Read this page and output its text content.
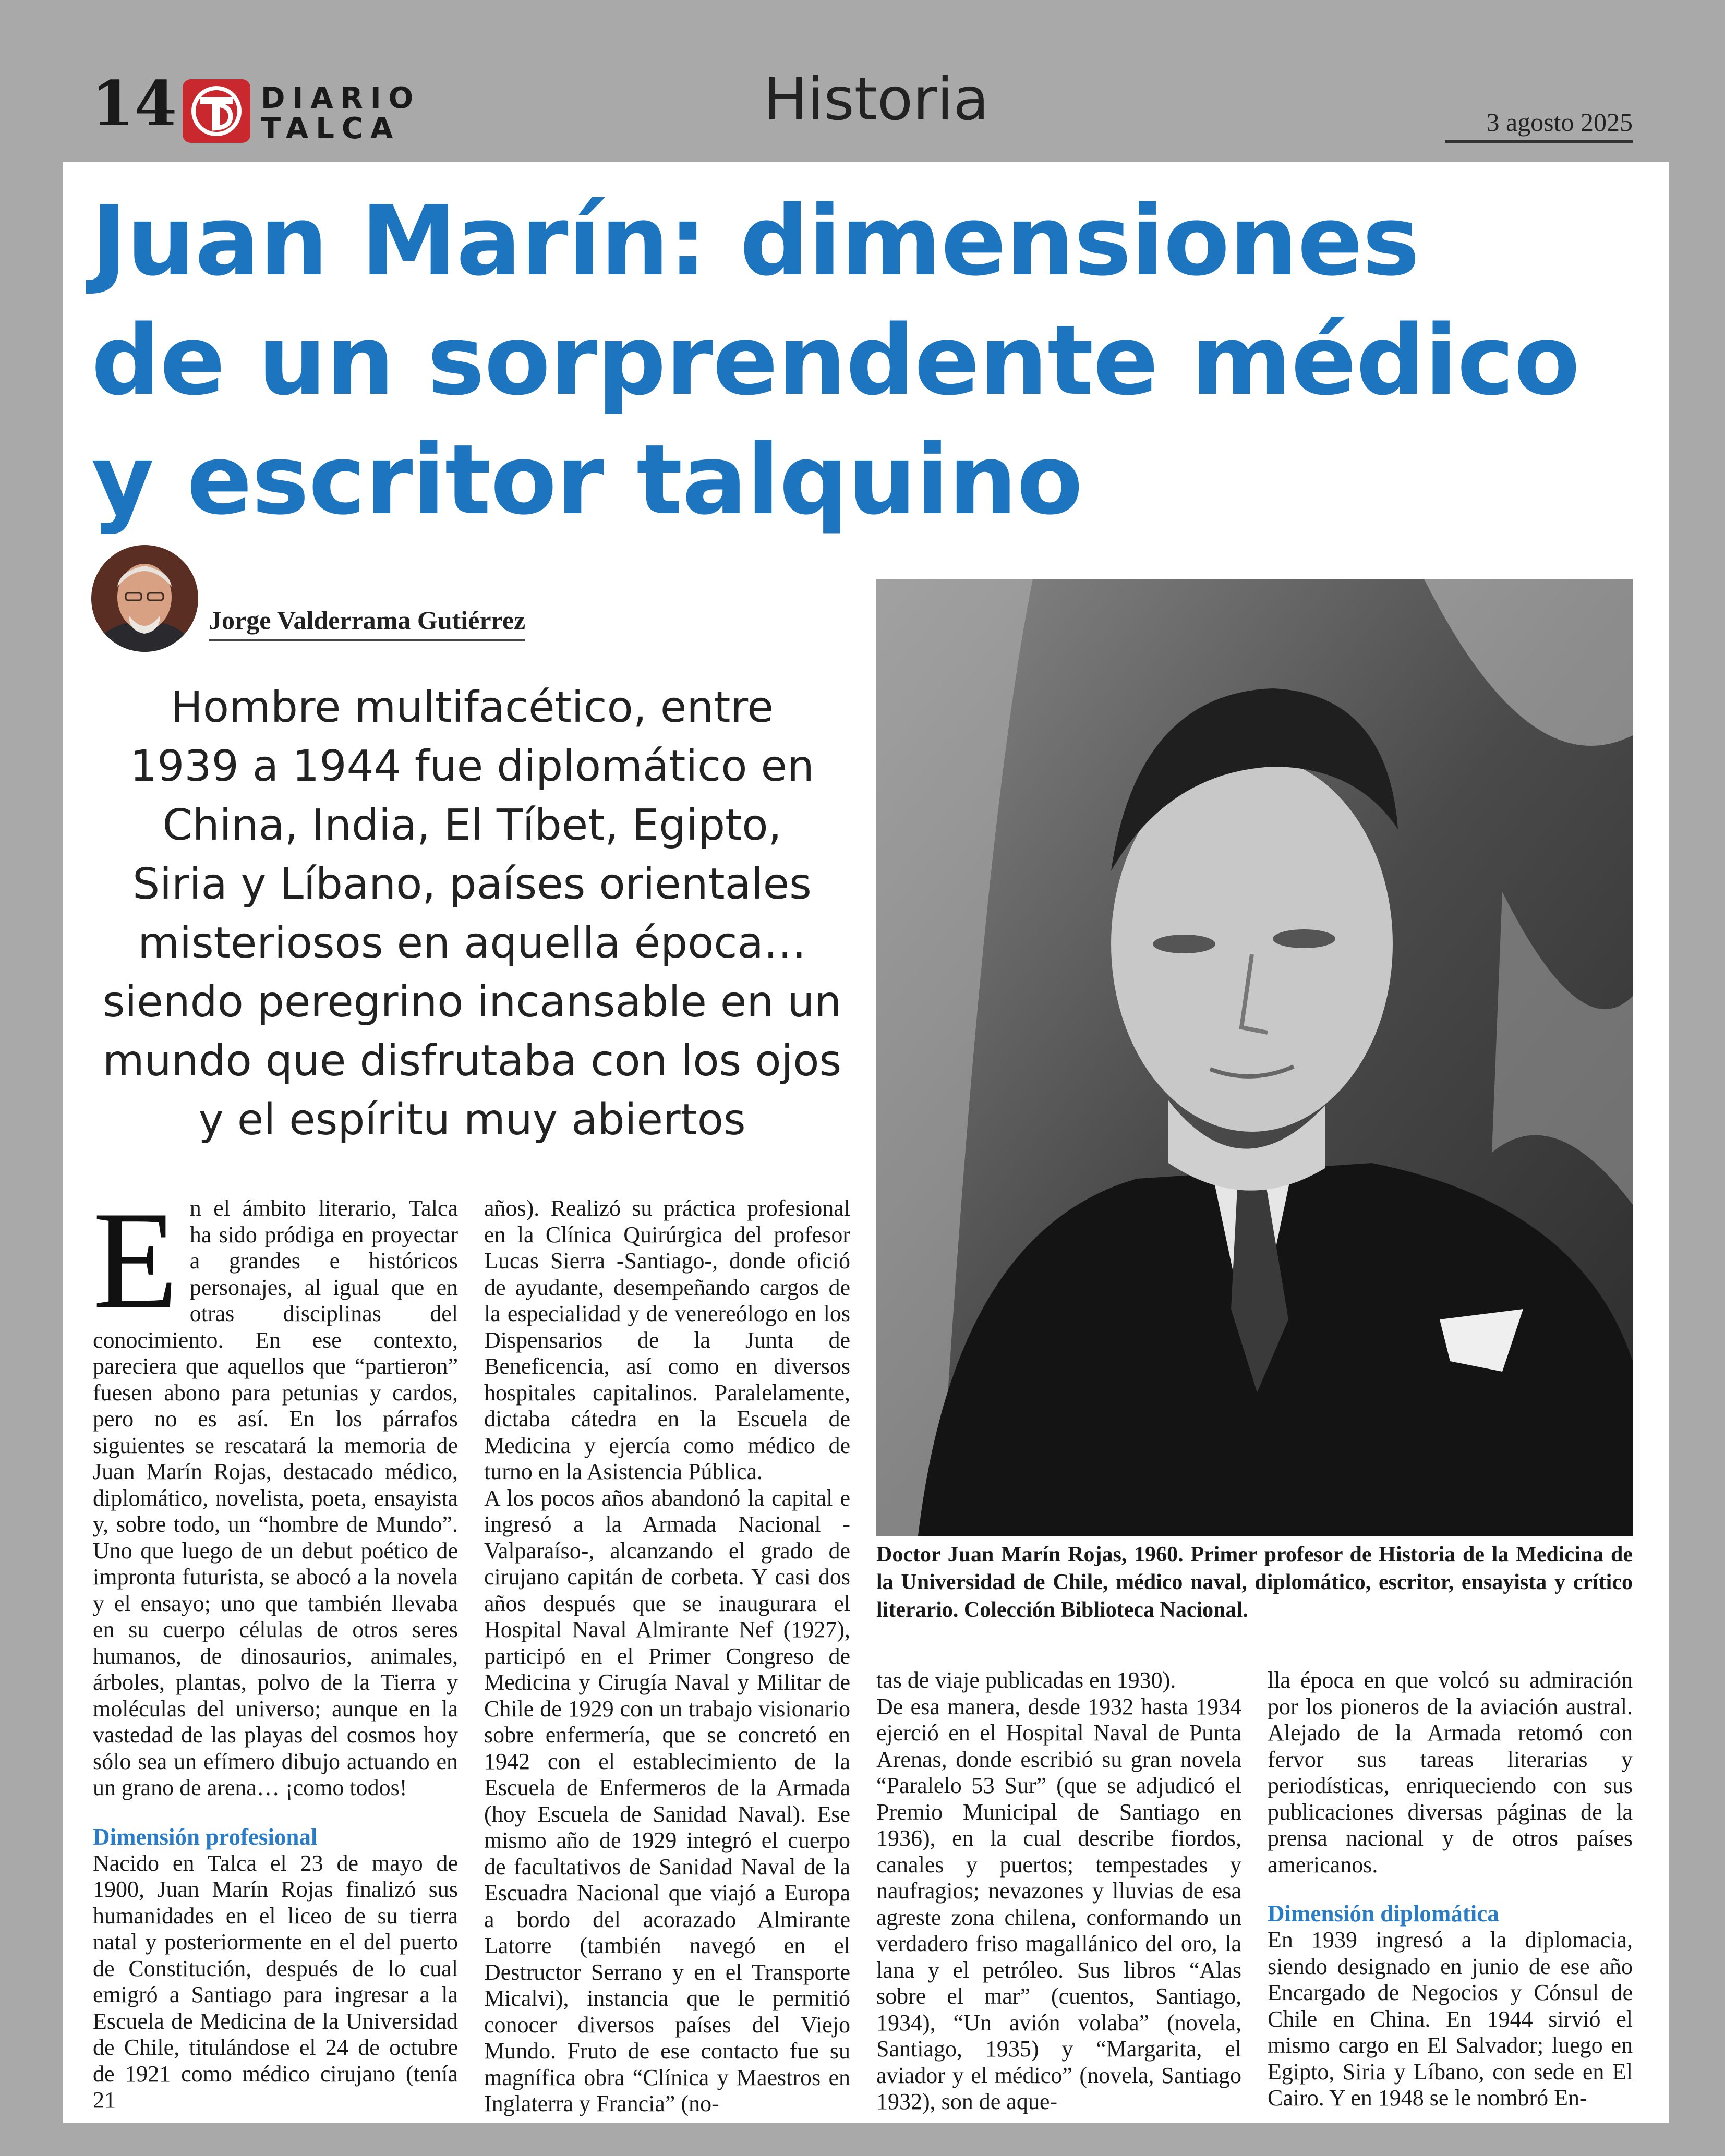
14	DIARIO
TALCA	Historia	3 agosto 2025
Juan Marín: dimensiones
de un sorprendente médico
y escritor talquino
Jorge Valderrama Gutiérrez
Hombre multifacético, entre
1939 a 1944 fue diplomático en
China, India, El Tíbet, Egipto,
Siria y Líbano, países orientales
misteriosos en aquella época…
siendo peregrino incansable en un
mundo que disfrutaba con los ojos
y el espíritu muy abiertos
Doctor Juan Marín Rojas, 1960. Primer profesor de Historia de la Medicina de la Universidad de Chile, médico naval, diplomático, escritor, ensayista y crítico literario. Colección Biblioteca Nacional.

En el ámbito literario, Talca ha sido pródiga en proyectar a grandes e históricos personajes, al igual que en otras disciplinas del conocimiento. En ese contexto, pareciera que aquellos que “partieron” fuesen abono para petunias y cardos, pero no es así. En los párrafos siguientes se rescatará la memoria de Juan Marín Rojas, destacado médico, diplomático, novelista, poeta, ensayista y, sobre todo, un “hombre de Mundo”. Uno que luego de un debut poético de impronta futurista, se abocó a la novela y el ensayo; uno que también llevaba en su cuerpo células de otros seres humanos, de dinosaurios, animales, árboles, plantas, polvo de la Tierra y moléculas del universo; aunque en la vastedad de las playas del cosmos hoy sólo sea un efímero dibujo actuando en un grano de arena… ¡como todos!

Dimensión profesional

Nacido en Talca el 23 de mayo de 1900, Juan Marín Rojas finalizó sus humanidades en el liceo de su tierra natal y posteriormente en el del puerto de Constitución, después de lo cual emigró a Santiago para ingresar a la Escuela de Medicina de la Universidad de Chile, titulándose el 24 de octubre de 1921 como médico cirujano (tenía 21

años). Realizó su práctica profesional en la Clínica Quirúrgica del profesor Lucas Sierra -Santiago-, donde ofició de ayudante, desempeñando cargos de la especialidad y de venereólogo en los Dispensarios de la Junta de Beneficencia, así como en diversos hospitales capitalinos. Paralelamente, dictaba cátedra en la Escuela de Medicina y ejercía como médico de turno en la Asistencia Pública.

A los pocos años abandonó la capital e ingresó a la Armada Nacional -Valparaíso-, alcanzando el grado de cirujano capitán de corbeta. Y casi dos años después que se inaugurara el Hospital Naval Almirante Nef (1927), participó en el Primer Congreso de Medicina y Cirugía Naval y Militar de Chile de 1929 con un trabajo visionario sobre enfermería, que se concretó en 1942 con el establecimiento de la Escuela de Enfermeros de la Armada (hoy Escuela de Sanidad Naval). Ese mismo año de 1929 integró el cuerpo de facultativos de Sanidad Naval de la Escuadra Nacional que viajó a Europa a bordo del acorazado Almirante Latorre (también navegó en el Destructor Serrano y en el Transporte Micalvi), instancia que le permitió conocer diversos países del Viejo Mundo. Fruto de ese contacto fue su magnífica obra “Clínica y Maestros en Inglaterra y Francia” (no-

tas de viaje publicadas en 1930).

De esa manera, desde 1932 hasta 1934 ejerció en el Hospital Naval de Punta Arenas, donde escribió su gran novela “Paralelo 53 Sur” (que se adjudicó el Premio Municipal de Santiago en 1936), en la cual describe fiordos, canales y puertos; tempestades y naufragios; nevazones y lluvias de esa agreste zona chilena, conformando un verdadero friso magallánico del oro, la lana y el petróleo. Sus libros “Alas sobre el mar” (cuentos, Santiago, 1934), “Un avión volaba” (novela, Santiago, 1935) y “Margarita, el aviador y el médico” (novela, Santiago 1932), son de aque-

lla época en que volcó su admiración por los pioneros de la aviación austral. Alejado de la Armada retomó con fervor sus tareas literarias y periodísticas, enriqueciendo con sus publicaciones diversas páginas de la prensa nacional y de otros países americanos.

Dimensión diplomática

En 1939 ingresó a la diplomacia, siendo designado en junio de ese año Encargado de Negocios y Cónsul de Chile en China. En 1944 sirvió el mismo cargo en El Salvador; luego en Egipto, Siria y Líbano, con sede en El Cairo. Y en 1948 se le nombró En-
